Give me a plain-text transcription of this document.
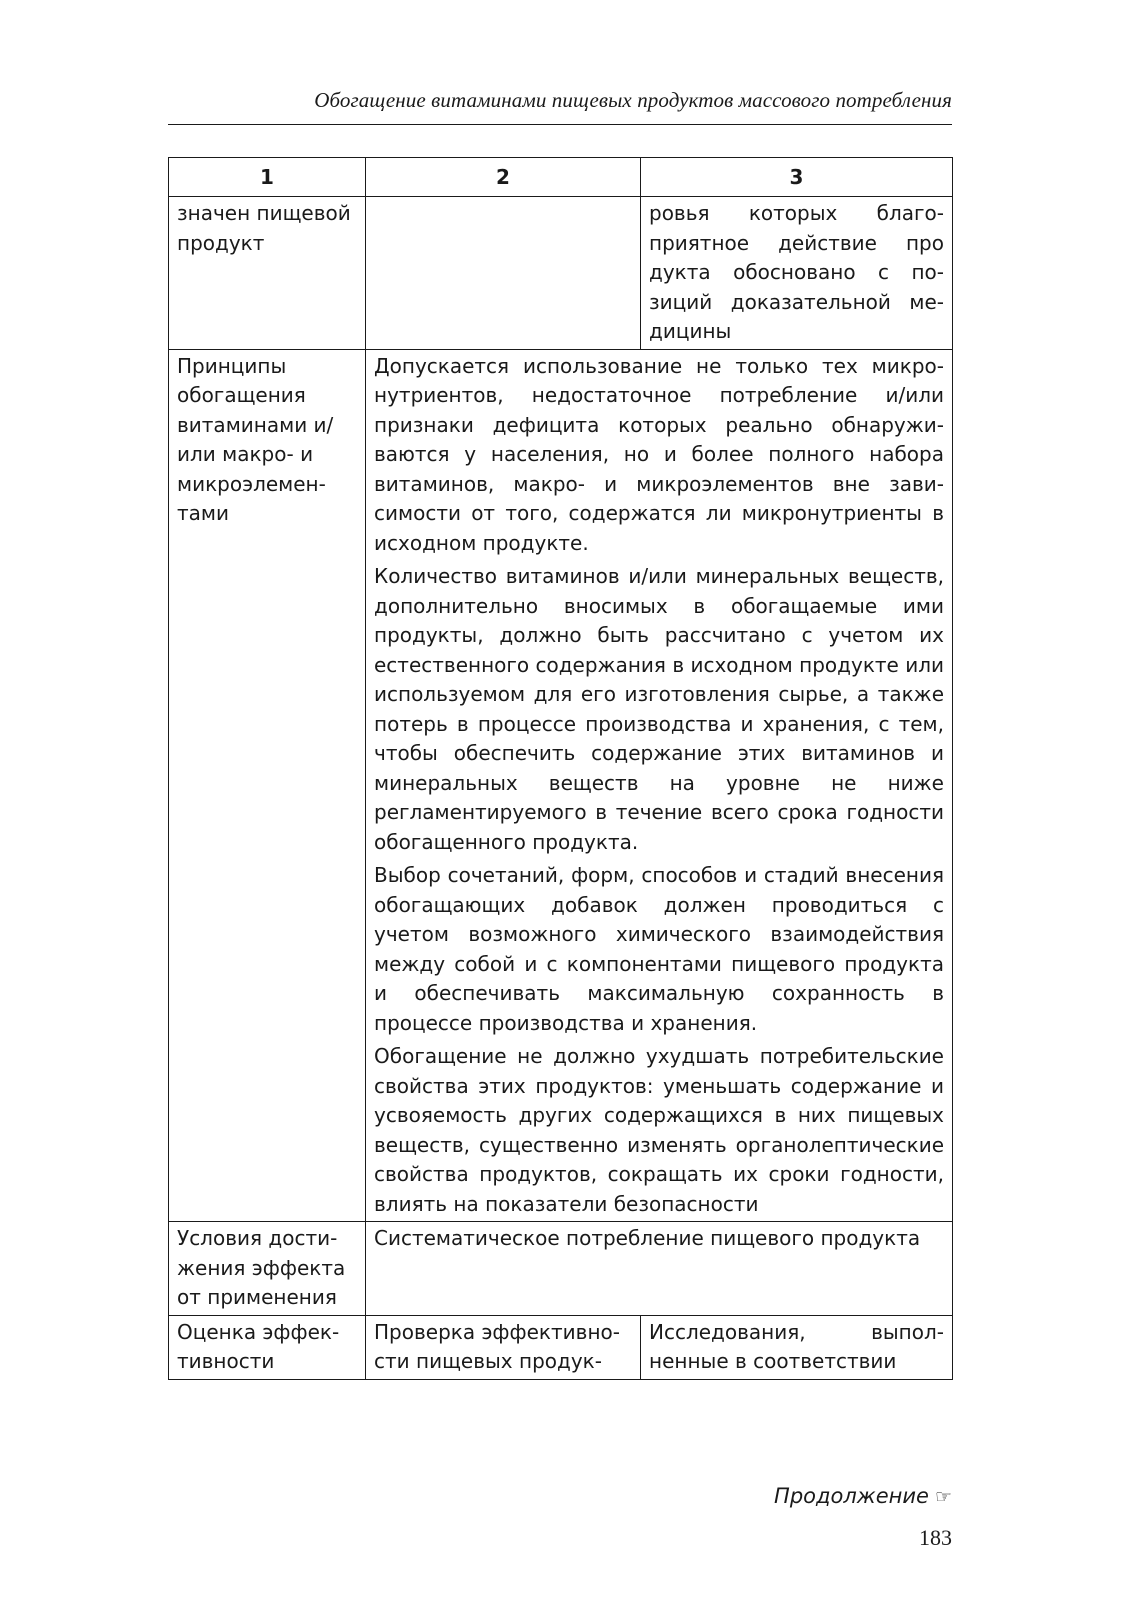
Обогащение витаминами пищевых продуктов массового потребления
1	2	3
значен пищевой продукт		ровья которых благоприятное действие про дукта обосновано с позиций доказательной медицины
Принципы обогащения витаминами и/или макро- и микроэлементами	Допускается использование не только тех микронутриентов, недостаточное потребление и/или признаки дефицита которых реально обнаруживаются у населения, но и более полного набора витаминов, макро- и микроэлементов вне зависимости от того, содержатся ли микронутриенты в исходном продукте.

Количество витаминов и/или минеральных веществ, дополнительно вносимых в обогащаемые ими продукты, должно быть рассчитано с учетом их естественного содержания в исходном продукте или используемом для его изготовления сырье, а также потерь в процессе производства и хранения, с тем, чтобы обеспечить содержание этих витаминов и минеральных веществ на уровне не ниже регламентируемого в течение всего срока годности обогащенного продукта.

Выбор сочетаний, форм, способов и стадий внесения обогащающих добавок должен проводиться с учетом возможного химического взаимодействия между собой и с компонентами пищевого продукта и обеспечивать максимальную сохранность в процессе производства и хранения.

Обогащение не должно ухудшать потребительские свойства этих продуктов: уменьшать содержание и усвояемость других содержащихся в них пищевых веществ, существенно изменять органолептические свойства продуктов, сокращать их сроки годности, влиять на показатели безопасности	

Условия достижения эффекта от применения	Систематическое потребление пищевого продукта	
Оценка эффективности	Проверка эффективности пищевых продук-	Исследования, выполненные в соответствии
Продолжение ☞
183
